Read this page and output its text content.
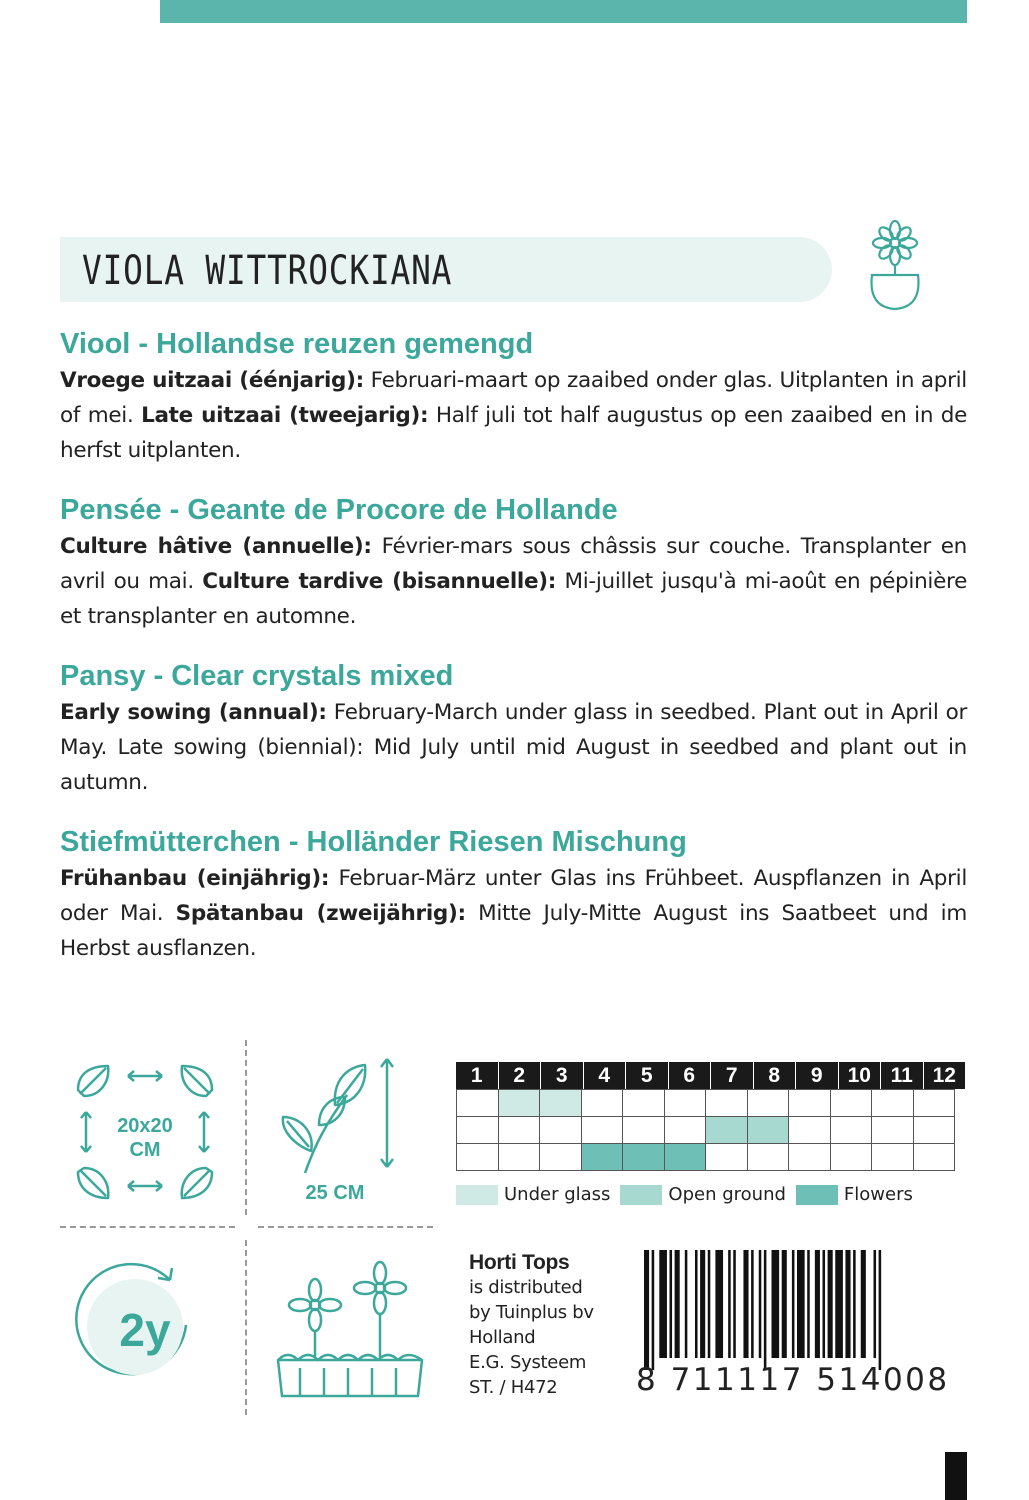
VIOLA WITTROCKIANA
Viool - Hollandse reuzen gemengd

Vroege uitzaai (éénjarig): Februari-maart op zaaibed onder glas. Uitplanten in april of mei. Late uitzaai (tweejarig): Half juli tot half augustus op een zaaibed en in de herfst uitplanten.

Pensée - Geante de Procore de Hollande

Culture hâtive (annuelle): Février-mars sous châssis sur couche. Transplanter en avril ou mai. Culture tardive (bisannuelle): Mi-juillet jusqu'à mi-août en pépinière et transplanter en automne.

Pansy - Clear crystals mixed

Early sowing (annual): February-March under glass in seedbed. Plant out in April or May. Late sowing (biennial): Mid July until mid August in seedbed and plant out in autumn.

Stiefmütterchen - Holländer Riesen Mischung

Frühanbau (einjährig): Februar-März unter Glas ins Frühbeet. Auspflanzen in April oder Mai. Spätanbau (zweijährig): Mitte July-Mitte August ins Saatbeet und im Herbst ausflanzen.

20x20
CM
25 CM
2y
1	2	3	4	5	6	7	8	9	10 11 12
Under glass	Open ground	Flowers
Horti Tops
is distributed
by Tuinplus bv
Holland
E.G. Systeem
ST. / H472	8 711117 514008
